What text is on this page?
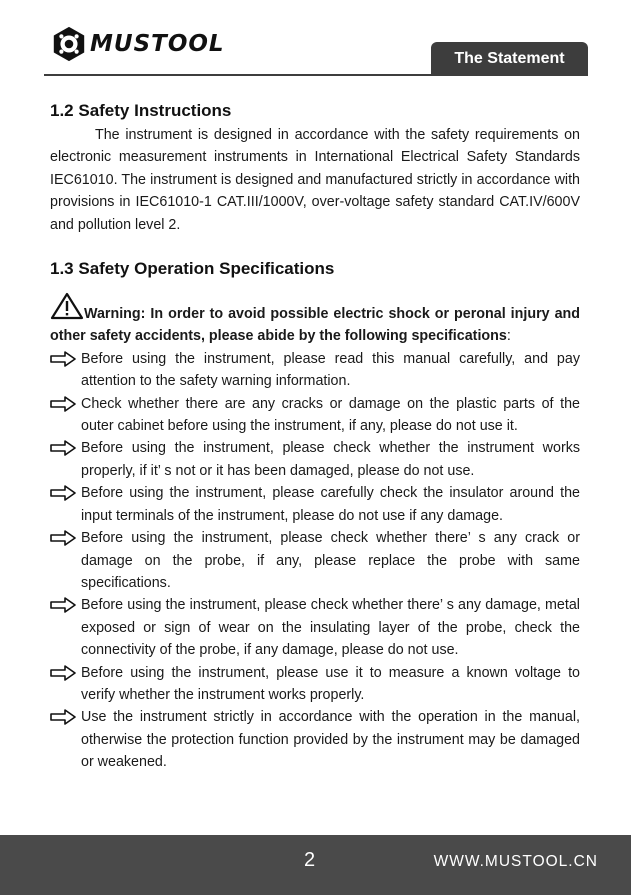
MUSTOOL
The Statement
1.2 Safety Instructions

The instrument is designed in accordance with the safety requirements on electronic measurement instruments in International Electrical Safety Standards IEC61010. The instrument is designed and manufactured strictly in accordance with provisions in IEC61010-1 CAT.III/1000V, over-voltage safety standard CAT.IV/600V and pollution level 2.

1.3 Safety Operation Specifications

Warning: In order to avoid possible electric shock or peronal injury and other safety accidents, please abide by the following specifications:

Before using the instrument, please read this manual carefully, and pay attention to the safety warning information.
Check whether there are any cracks or damage on the plastic parts of the outer cabinet before using the instrument, if any, please do not use it.
Before using the instrument, please check whether the instrument works properly, if it’ s not or it has been damaged, please do not use.
Before using the instrument, please carefully check the insulator around the input terminals of the instrument, please do not use if any damage.
Before using the instrument, please check whether there’ s any crack or damage on the probe, if any, please replace the probe with same specifications.
Before using the instrument, please check whether there’ s any damage, metal exposed or sign of wear on the insulating layer of the probe, check the connectivity of the probe, if any damage, please do not use.
Before using the instrument, please use it to measure a known voltage to verify whether the instrument works properly.
Use the instrument strictly in accordance with the operation in the manual, otherwise the protection function provided by the instrument may be damaged or weakened.
2	WWW.MUSTOOL.CN
